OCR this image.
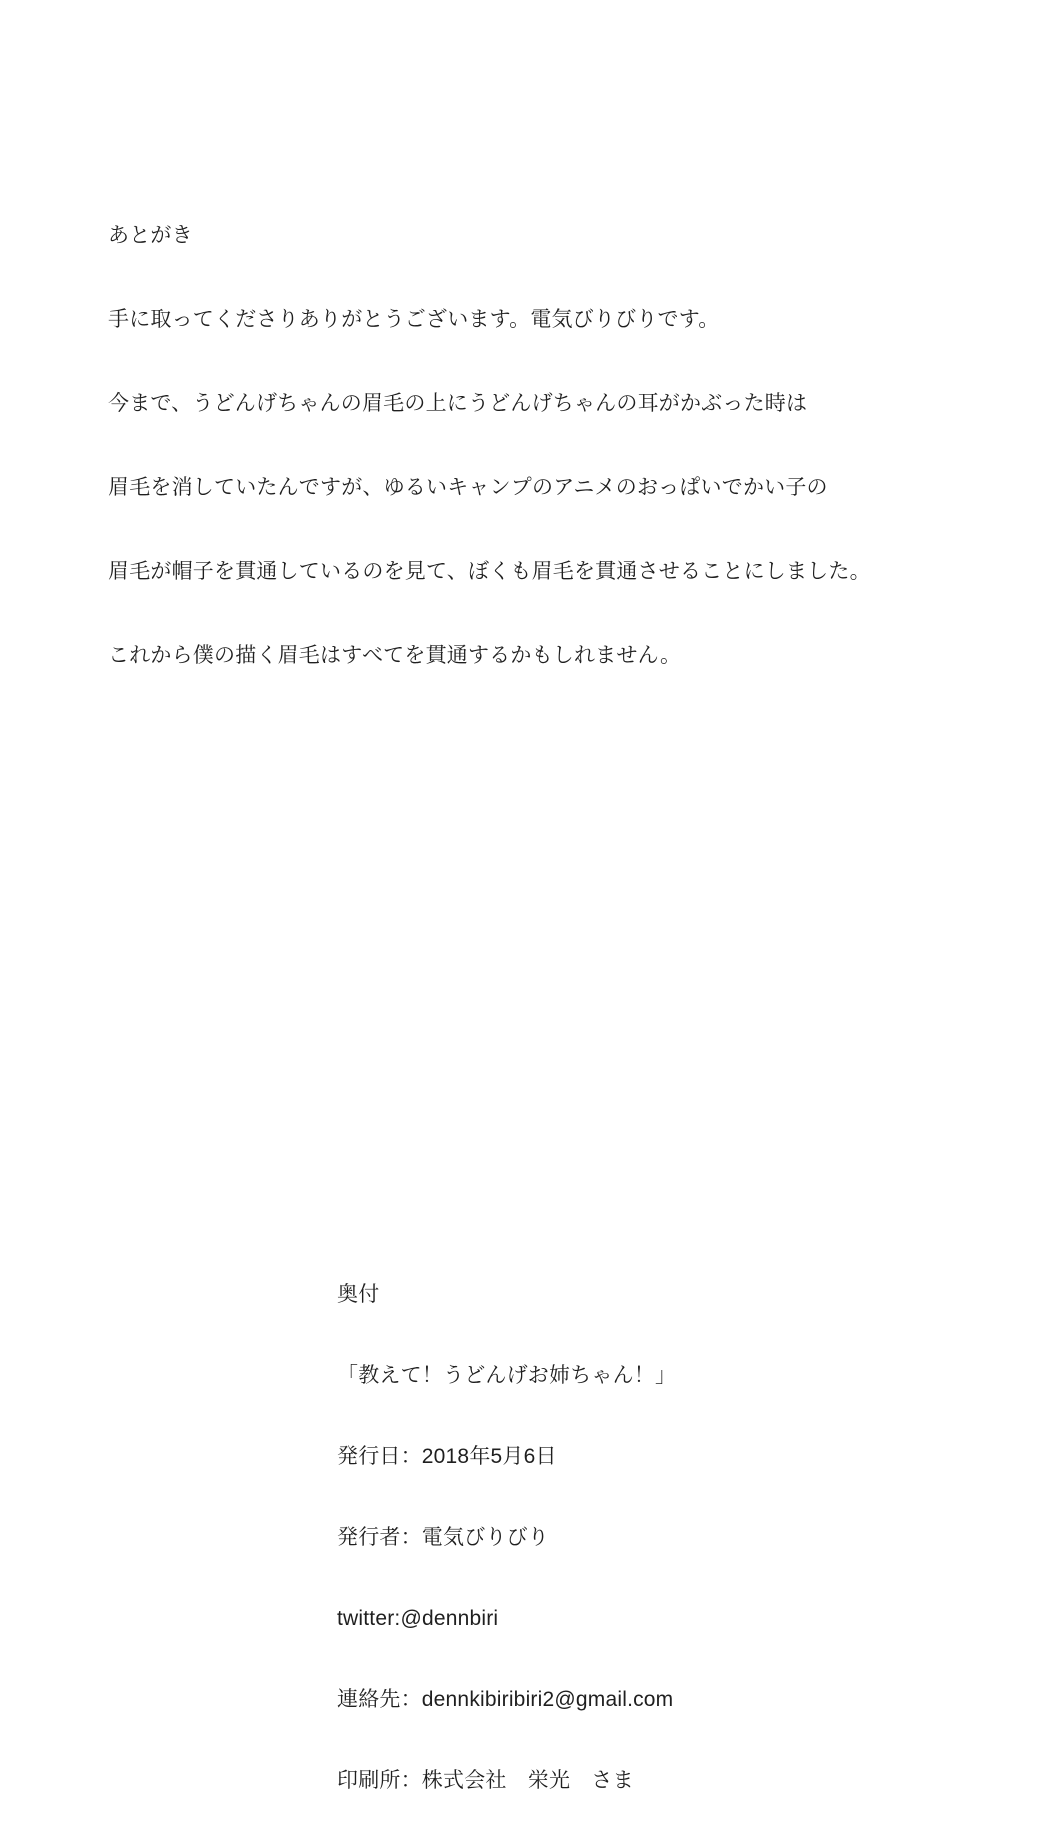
あとがき

手に取ってくださりありがとうございます。電気びりびりです。

今まで、うどんげちゃんの眉毛の上にうどんげちゃんの耳がかぶった時は

眉毛を消していたんですが、ゆるいキャンプのアニメのおっぱいでかい子の

眉毛が帽子を貫通しているのを見て、ぼくも眉毛を貫通させることにしました。

これから僕の描く眉毛はすべてを貫通するかもしれません。

奥付

「教えて！うどんげお姉ちゃん！」

発行日：2018年5月6日

発行者：電気びりびり

twitter:@dennbiri

連絡先：dennkibiribiri2@gmail.com

印刷所：株式会社　栄光　さま
